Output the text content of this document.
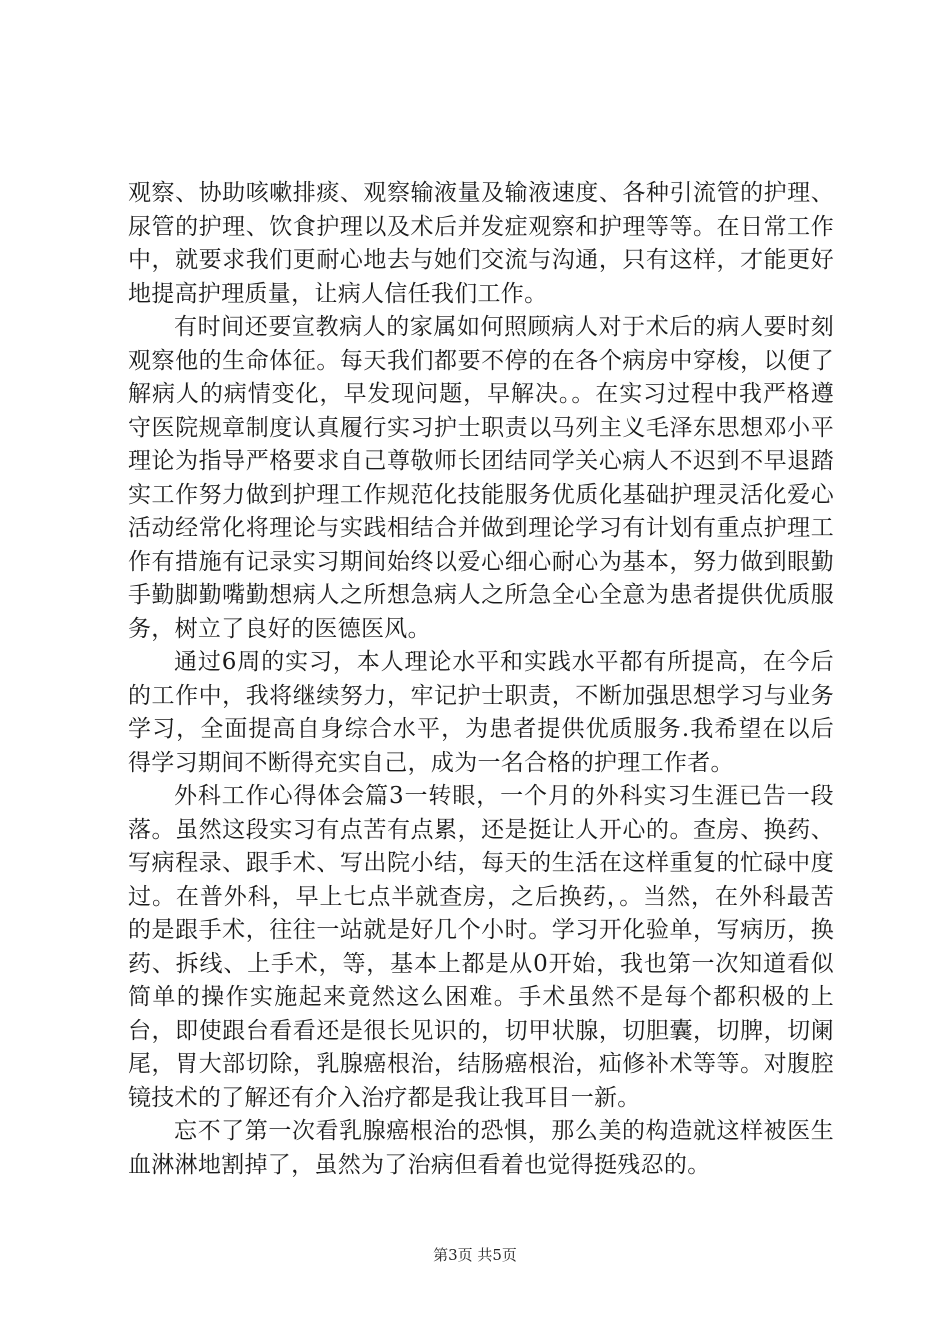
观察、协助咳嗽排痰、观察输液量及输液速度、各种引流管的护理、尿管的护理、饮食护理以及术后并发症观察和护理等等。在日常工作中，就要求我们更耐心地去与她们交流与沟通，只有这样，才能更好地提高护理质量，让病人信任我们工作。

有时间还要宣教病人的家属如何照顾病人对于术后的病人要时刻观察他的生命体征。每天我们都要不停的在各个病房中穿梭，以便了解病人的病情变化，早发现问题，早解决。。在实习过程中我严格遵守医院规章制度认真履行实习护士职责以马列主义毛泽东思想邓小平理论为指导严格要求自己尊敬师长团结同学关心病人不迟到不早退踏实工作努力做到护理工作规范化技能服务优质化基础护理灵活化爱心活动经常化将理论与实践相结合并做到理论学习有计划有重点护理工作有措施有记录实习期间始终以爱心细心耐心为基本，努力做到眼勤手勤脚勤嘴勤想病人之所想急病人之所急全心全意为患者提供优质服务，树立了良好的医德医风。

通过6周的实习，本人理论水平和实践水平都有所提高，在今后的工作中，我将继续努力，牢记护士职责，不断加强思想学习与业务学习，全面提高自身综合水平，为患者提供优质服务.我希望在以后得学习期间不断得充实自己，成为一名合格的护理工作者。

外科工作心得体会篇3一转眼，一个月的外科实习生涯已告一段落。虽然这段实习有点苦有点累，还是挺让人开心的。查房、换药、写病程录、跟手术、写出院小结，每天的生活在这样重复的忙碌中度过。在普外科，早上七点半就查房，之后换药，。当然，在外科最苦的是跟手术，往往一站就是好几个小时。学习开化验单，写病历，换药、拆线、上手术，等，基本上都是从0开始，我也第一次知道看似简单的操作实施起来竟然这么困难。手术虽然不是每个都积极的上台，即使跟台看看还是很长见识的，切甲状腺，切胆囊，切脾，切阑尾，胃大部切除，乳腺癌根治，结肠癌根治，疝修补术等等。对腹腔镜技术的了解还有介入治疗都是我让我耳目一新。

忘不了第一次看乳腺癌根治的恐惧，那么美的构造就这样被医生血淋淋地割掉了，虽然为了治病但看着也觉得挺残忍的。

第3页 共5页
